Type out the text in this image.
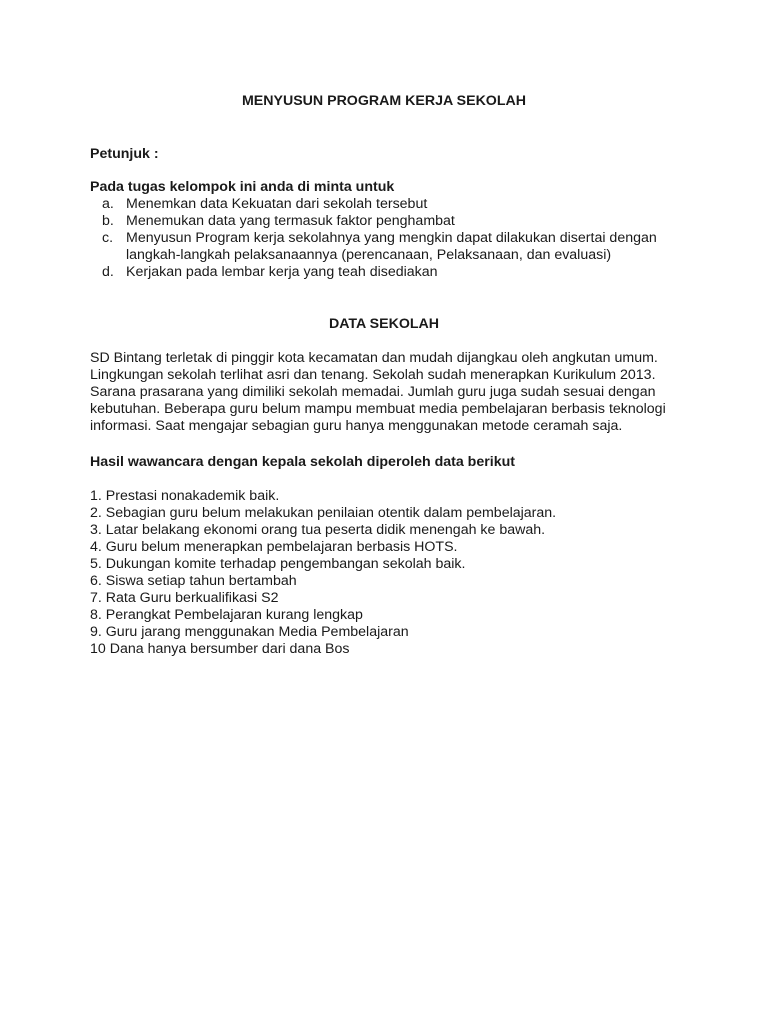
MENYUSUN PROGRAM KERJA SEKOLAH
Petunjuk :
Pada tugas kelompok ini anda di minta untuk
a. Menemkan data Kekuatan dari sekolah tersebut
b. Menemukan data yang termasuk faktor penghambat
c. Menyusun Program kerja sekolahnya yang mengkin dapat dilakukan disertai dengan langkah-langkah pelaksanaannya (perencanaan, Pelaksanaan, dan evaluasi)
d. Kerjakan pada lembar kerja yang teah disediakan
DATA SEKOLAH

SD Bintang terletak di pinggir kota kecamatan dan mudah dijangkau oleh angkutan umum.
Lingkungan sekolah terlihat asri dan tenang. Sekolah sudah menerapkan Kurikulum 2013.
Sarana prasarana yang dimiliki sekolah memadai. Jumlah guru juga sudah sesuai dengan
kebutuhan. Beberapa guru belum mampu membuat media pembelajaran berbasis teknologi
informasi. Saat mengajar sebagian guru hanya menggunakan metode ceramah saja.

Hasil wawancara dengan kepala sekolah diperoleh data berikut
1. Prestasi nonakademik baik.
2. Sebagian guru belum melakukan penilaian otentik dalam pembelajaran.
3. Latar belakang ekonomi orang tua peserta didik menengah ke bawah.
4. Guru belum menerapkan pembelajaran berbasis HOTS.
5. Dukungan komite terhadap pengembangan sekolah baik.
6. Siswa setiap tahun bertambah
7. Rata Guru berkualifikasi S2
8. Perangkat Pembelajaran kurang lengkap
9. Guru jarang menggunakan Media Pembelajaran
10 Dana hanya bersumber dari dana Bos
